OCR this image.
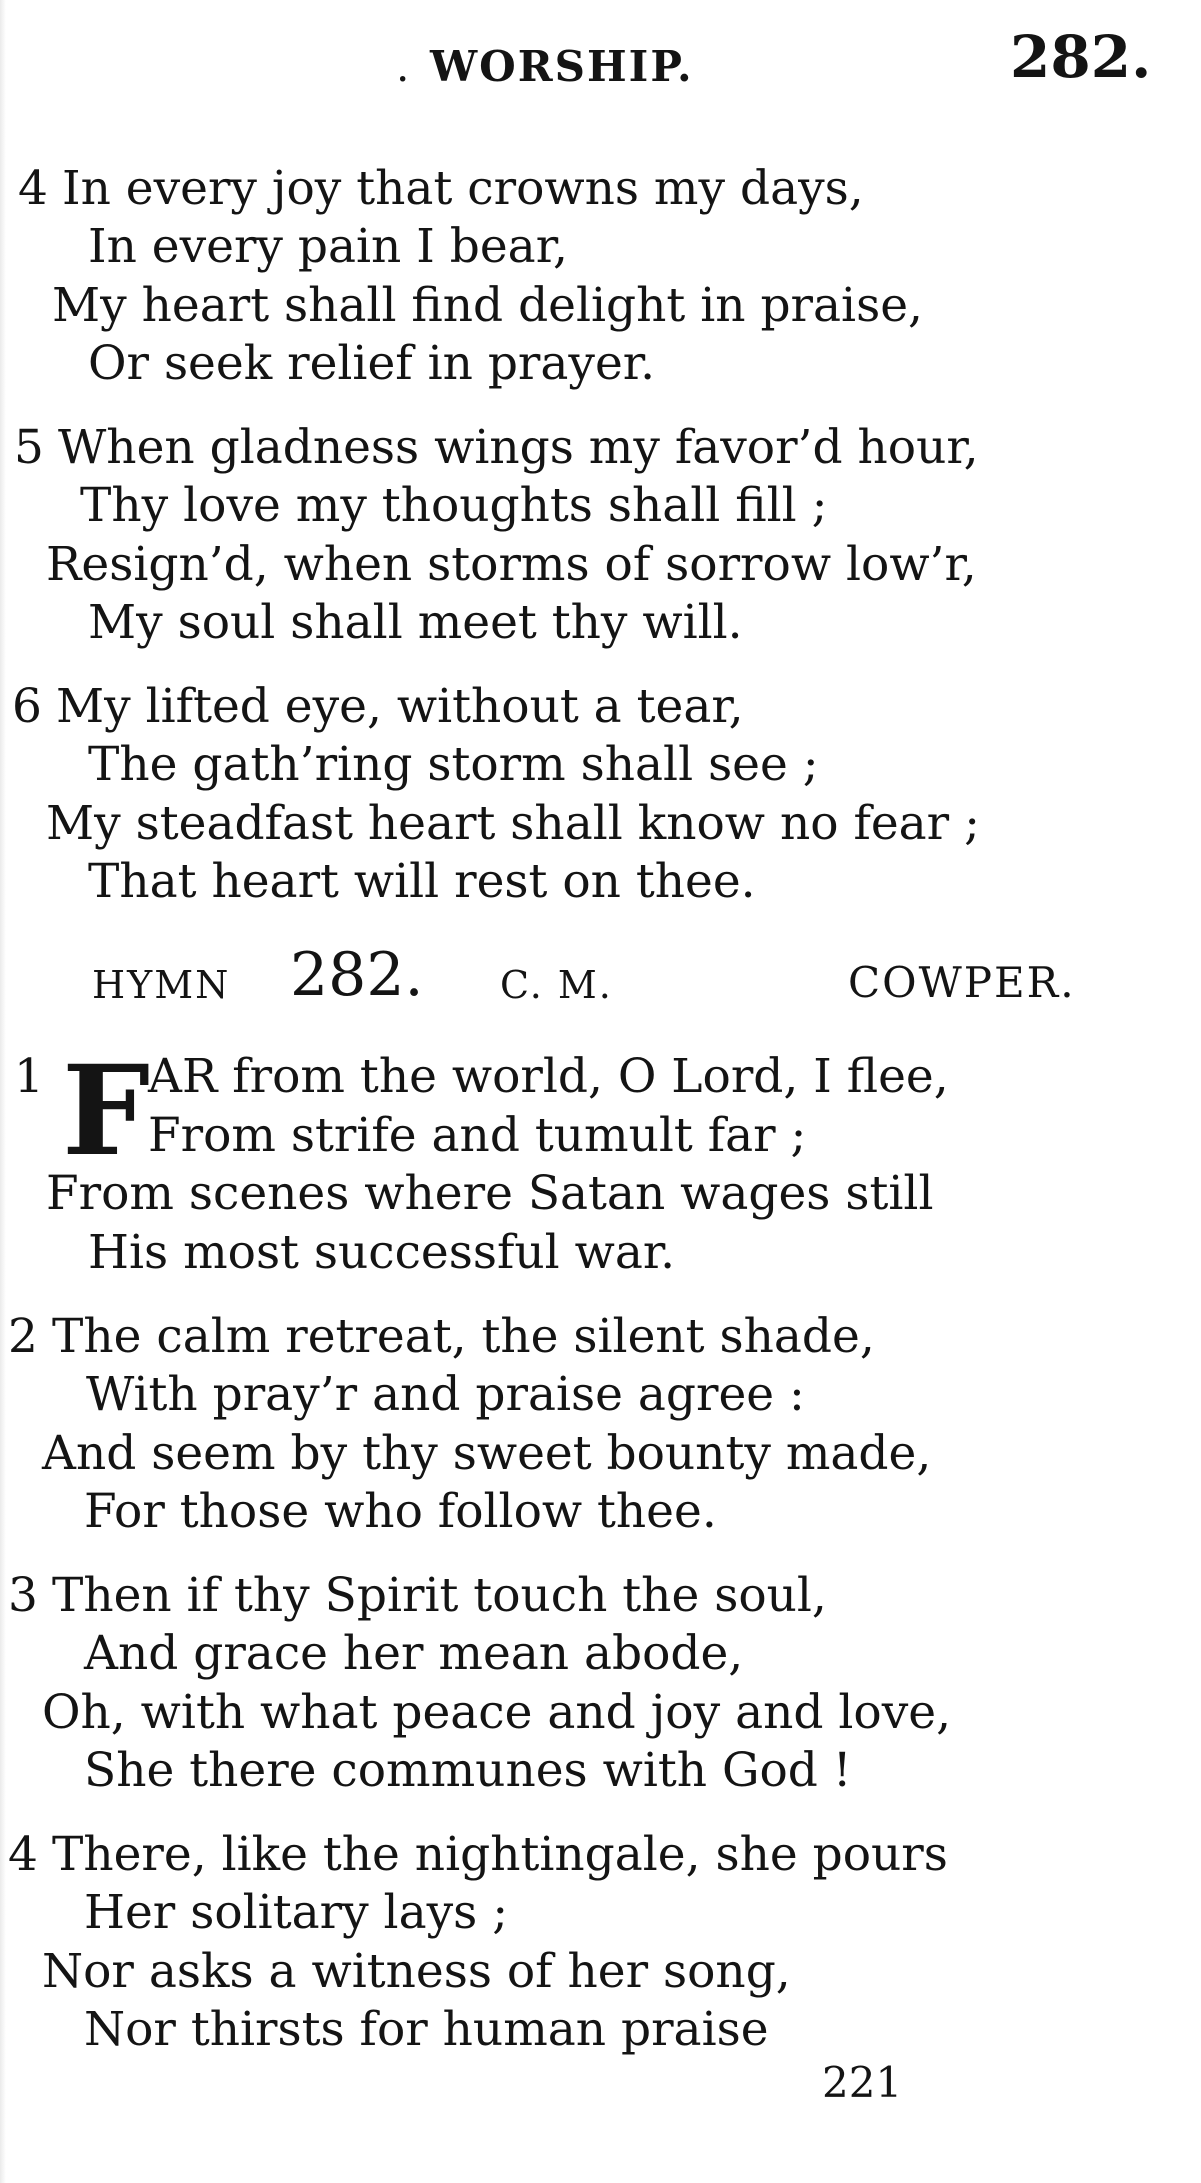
. WORSHIP.	282.
4 In every joy that crowns my days,
In every pain I bear,
My heart shall find delight in praise,
Or seek relief in prayer.
5 When gladness wings my favor’d hour,
Thy love my thoughts shall fill ;
Resign’d, when storms of sorrow low’r,
My soul shall meet thy will.
6 My lifted eye, without a tear,
The gath’ring storm shall see ;
My steadfast heart shall know no fear ;
That heart will rest on thee.
HYMN 282. C. M.	COWPER.
1 F
AR from the world, O Lord, I flee,
From strife and tumult far ;
From scenes where Satan wages still
His most successful war.
2 The calm retreat, the silent shade,
With pray’r and praise agree :
And seem by thy sweet bounty made,
For those who follow thee.
3 Then if thy Spirit touch the soul,
And grace her mean abode,
Oh, with what peace and joy and love,
She there communes with God !
4 There, like the nightingale, she pours
Her solitary lays ;
Nor asks a witness of her song,
Nor thirsts for human praise
221
